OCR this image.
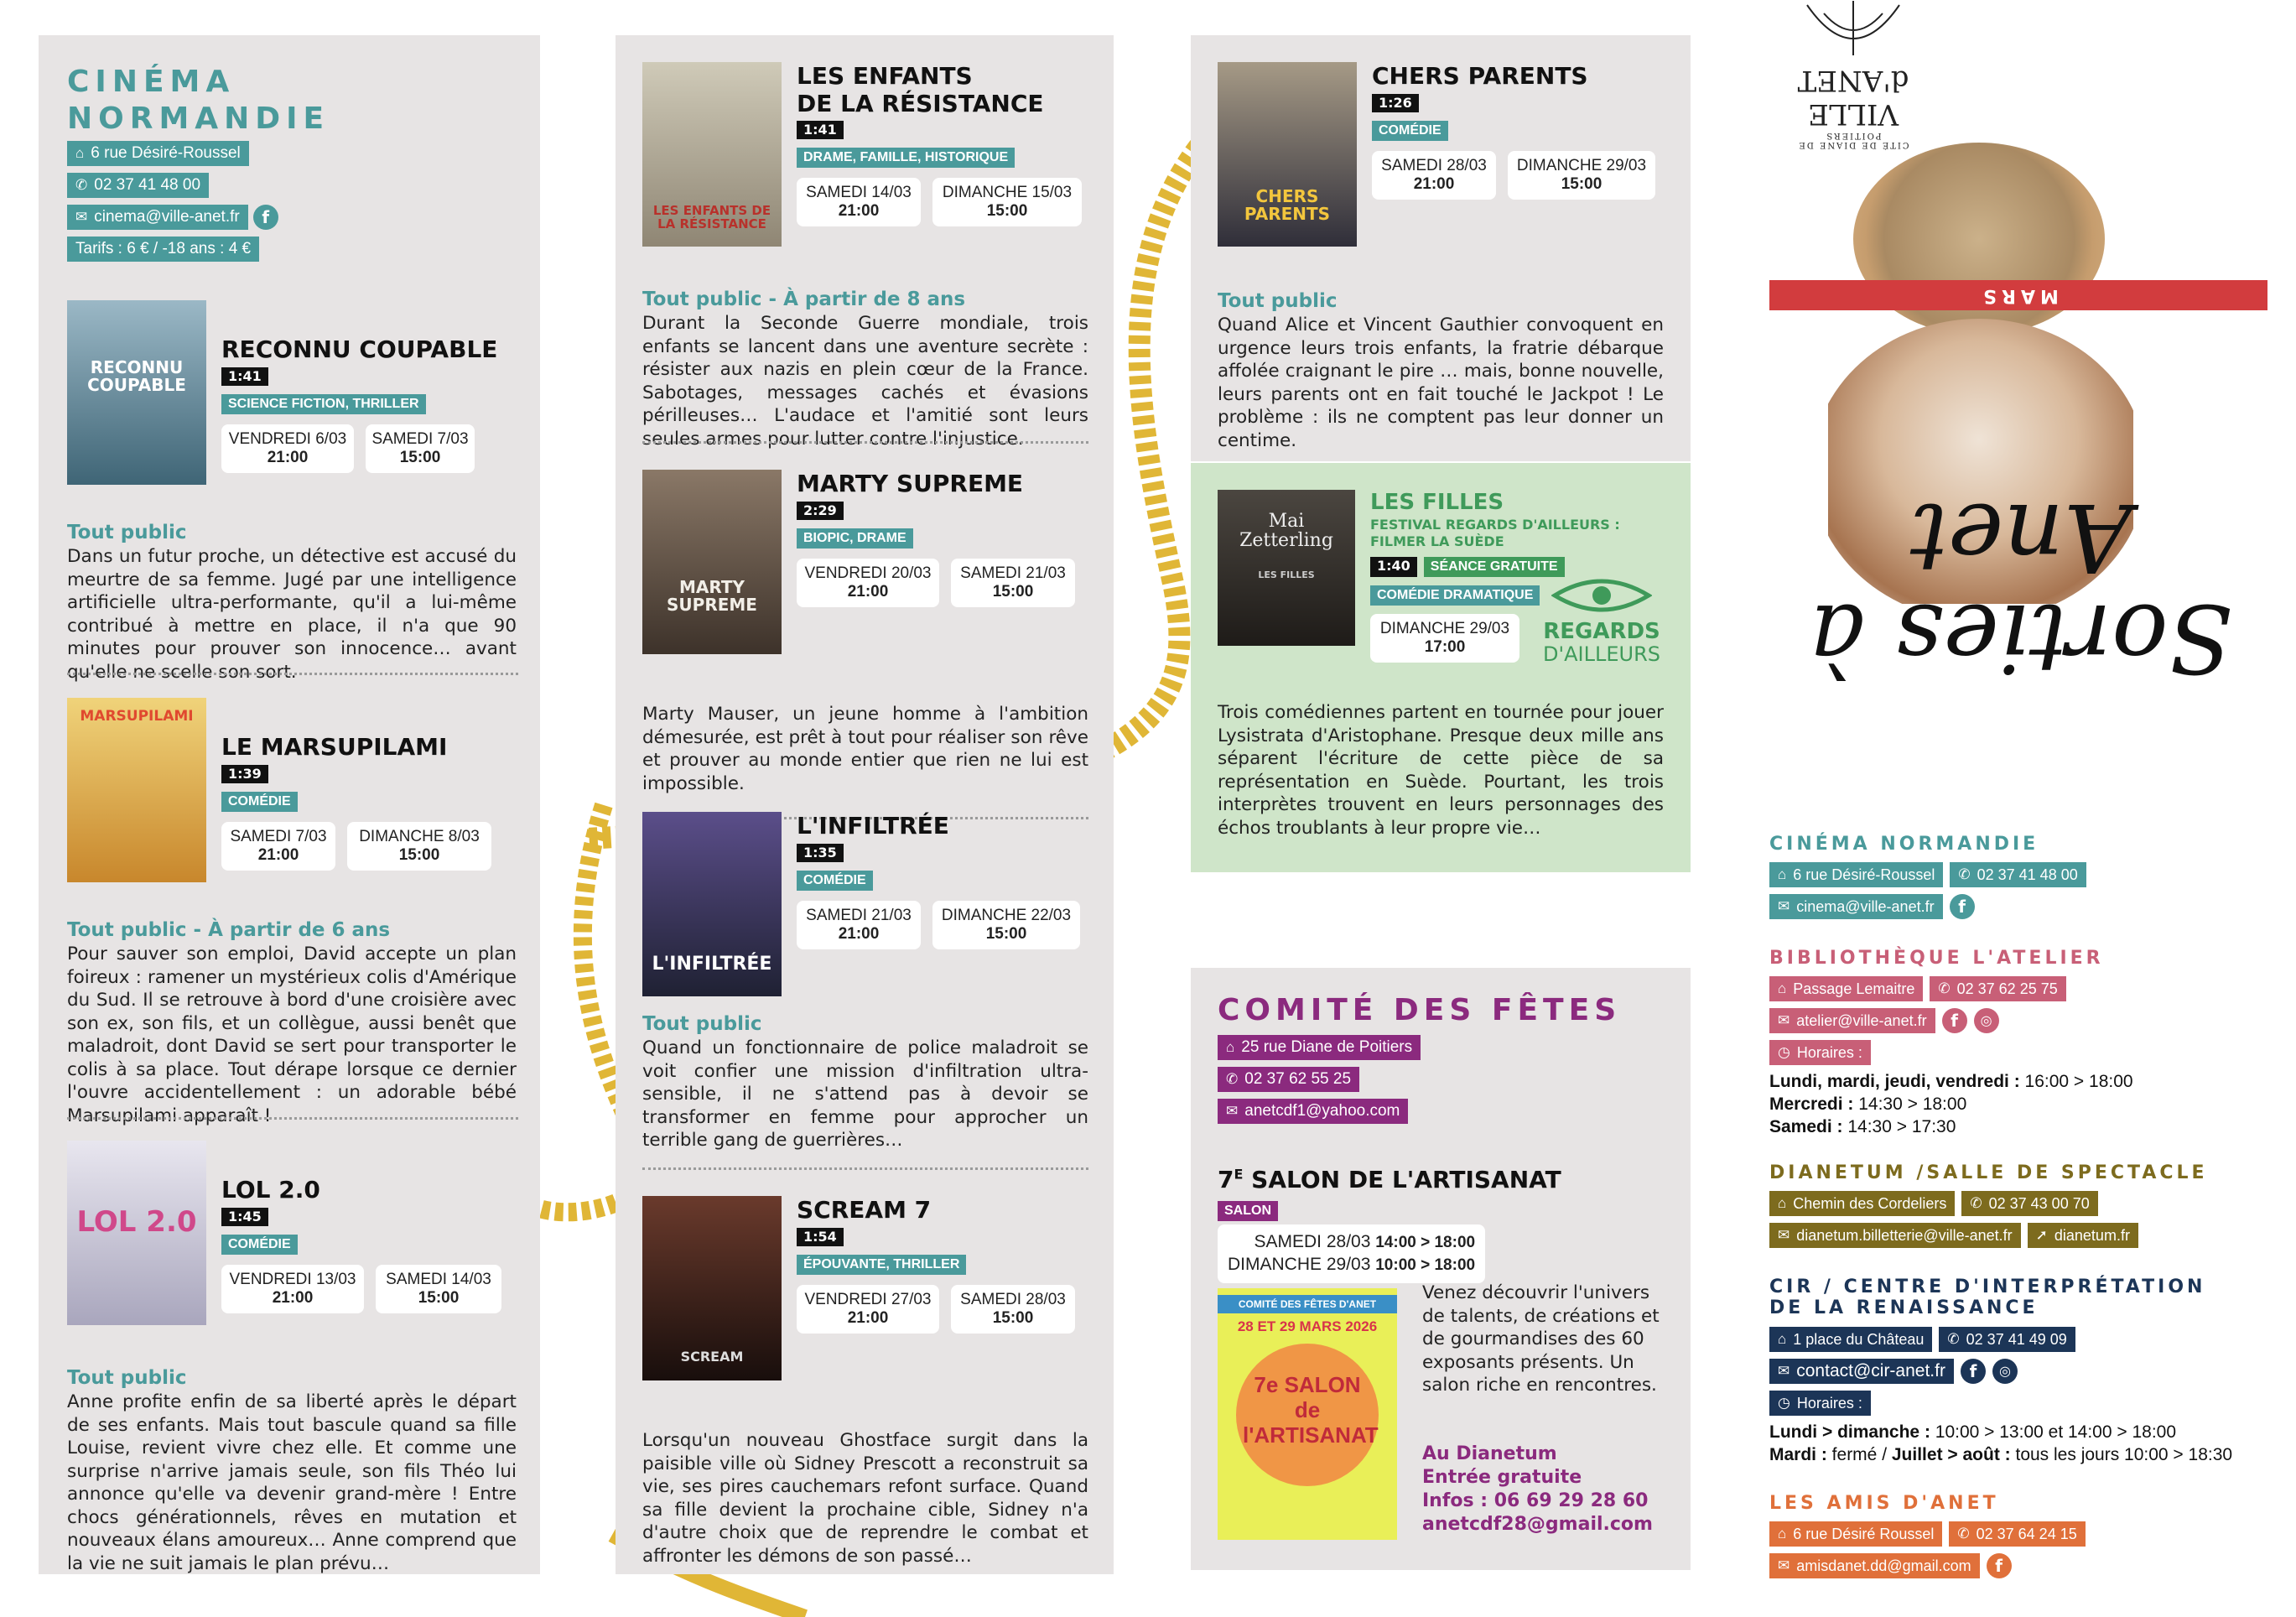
CINÉMA
NORMANDIE
⌂ 6 rue Désiré-Roussel
✆ 02 37 41 48 00
✉ cinema@ville-anet.fr	f
Tarifs : 6 € / -18 ans : 4 €
RECONNU COUPABLE
RECONNU COUPABLE
1:41
SCIENCE FICTION, THRILLER
VENDREDI 6/03
21:00
SAMEDI 7/03
15:00
Tout public
Dans un futur proche, un détective est accusé du meurtre de sa femme. Jugé par une intelligence artificielle ultra-performante, qu'il a lui-même contribué à mettre en place, il n'a que 90 minutes pour prouver son innocence… avant qu'elle ne scelle son sort.
MARSUPILAMI
LE MARSUPILAMI
1:39
COMÉDIE
SAMEDI 7/03
21:00
DIMANCHE 8/03
15:00
Tout public - À partir de 6 ans
Pour sauver son emploi, David accepte un plan foireux : ramener un mystérieux colis d'Amérique du Sud. Il se retrouve à bord d'une croisière avec son ex, son fils, et un collègue, aussi benêt que maladroit, dont David se sert pour transporter le colis à sa place. Tout dérape lorsque ce dernier l'ouvre accidentellement : un adorable bébé Marsupilami apparaît !
LOL 2.0
LOL 2.0
1:45
COMÉDIE
VENDREDI 13/03
21:00
SAMEDI 14/03
15:00
Tout public
Anne profite enfin de sa liberté après le départ de ses enfants. Mais tout bascule quand sa fille Louise, revient vivre chez elle. Et comme une surprise n'arrive jamais seule, son fils Théo lui annonce qu'elle va devenir grand-mère ! Entre chocs générationnels, rêves en mutation et nouveaux élans amoureux… Anne comprend que la vie ne suit jamais le plan prévu…
LES ENFANTS DE LA RÉSISTANCE
LES ENFANTS
DE LA RÉSISTANCE
1:41
DRAME, FAMILLE, HISTORIQUE
SAMEDI 14/03
21:00
DIMANCHE 15/03
15:00
Tout public - À partir de 8 ans
Durant la Seconde Guerre mondiale, trois enfants se lancent dans une aventure secrète : résister aux nazis en plein cœur de la France. Sabotages, messages cachés et évasions périlleuses… L'audace et l'amitié sont leurs seules armes pour lutter contre l'injustice.
MARTY SUPREME
MARTY SUPREME
2:29
BIOPIC, DRAME
VENDREDI 20/03
21:00
SAMEDI 21/03
15:00
Marty Mauser, un jeune homme à l'ambition démesurée, est prêt à tout pour réaliser son rêve et prouver au monde entier que rien ne lui est impossible.
L'INFILTRÉE
L'INFILTRÉE
1:35
COMÉDIE
SAMEDI 21/03
21:00
DIMANCHE 22/03
15:00
Tout public
Quand un fonctionnaire de police maladroit se voit confier une mission d'infiltration ultra-sensible, il ne s'attend pas à devoir se transformer en femme pour approcher un terrible gang de guerrières…
SCREAM
SCREAM 7
1:54
ÉPOUVANTE, THRILLER
VENDREDI 27/03
21:00
SAMEDI 28/03
15:00
Lorsqu'un nouveau Ghostface surgit dans la paisible ville où Sidney Prescott a reconstruit sa vie, ses pires cauchemars refont surface. Quand sa fille devient la prochaine cible, Sidney n'a d'autre choix que de reprendre le combat et affronter les démons de son passé…
CHERS PARENTS
CHERS PARENTS
1:26
COMÉDIE
SAMEDI 28/03
21:00
DIMANCHE 29/03
15:00
Tout public
Quand Alice et Vincent Gauthier convoquent en urgence leurs trois enfants, la fratrie débarque affolée craignant le pire … mais, bonne nouvelle, leurs parents ont en fait touché le Jackpot ! Le problème : ils ne comptent pas leur donner un centime.
Mai Zetterling
LES FILLES
LES FILLES
FESTIVAL REGARDS D'AILLEURS : FILMER LA SUÈDE
1:40	SÉANCE GRATUITE
COMÉDIE DRAMATIQUE
DIMANCHE 29/03
17:00
REGARDS
D'AILLEURS
Trois comédiennes partent en tournée pour jouer Lysistrata d'Aristophane. Presque deux mille ans séparent l'écriture de cette pièce de sa représentation en Suède. Pourtant, les trois interprètes trouvent en leurs personnages des échos troublants à leur propre vie…
COMITÉ DES FÊTES
⌂ 25 rue Diane de Poitiers
✆ 02 37 62 55 25
✉ anetcdf1@yahoo.com
$7^E$ SALON DE L'ARTISANAT
SALON
SAMEDI 28/03 14:00 > 18:00
DIMANCHE 29/03 10:00 > 18:00
COMITÉ DES FÊTES D'ANET
28 ET 29 MARS 2026
7e SALON de l'ARTISANAT
Venez découvrir l'univers de talents, de créations et de gourmandises des 60 exposants présents. Un salon riche en rencontres.
Au Dianetum
Entrée gratuite
Infos : 06 69 29 28 60
anetcdf28@gmail.com
CITÉ DE DIANE DE POITIERS
VILLE d'ANET
MARS
Sorties à Anet
CINÉMA NORMANDIE
⌂ 6 rue Désiré-Roussel ✆ 02 37 41 48 00
✉ cinema@ville-anet.fr	f
BIBLIOTHÈQUE L'ATELIER
⌂ Passage Lemaitre ✆ 02 37 62 25 75
✉ atelier@ville-anet.fr	f	◎
◷ Horaires :
Lundi, mardi, jeudi, vendredi : 16:00 > 18:00
Mercredi : 14:30 > 18:00
Samedi : 14:30 > 17:30
DIANETUM /SALLE DE SPECTACLE
⌂ Chemin des Cordeliers ✆ 02 37 43 00 70
✉ dianetum.billetterie@ville-anet.fr ➚ dianetum.fr
CIR / CENTRE D'INTERPRÉTATION
DE LA RENAISSANCE
⌂ 1 place du Château ✆ 02 37 41 49 09
✉ contact@cir-anet.fr	f	◎
◷ Horaires :
Lundi > dimanche : 10:00 > 13:00 et 14:00 > 18:00
Mardi : fermé / Juillet > août : tous les jours 10:00 > 18:30
LES AMIS D'ANET
⌂ 6 rue Désiré Roussel ✆ 02 37 64 24 15
✉ amisdanet.dd@gmail.com	f
